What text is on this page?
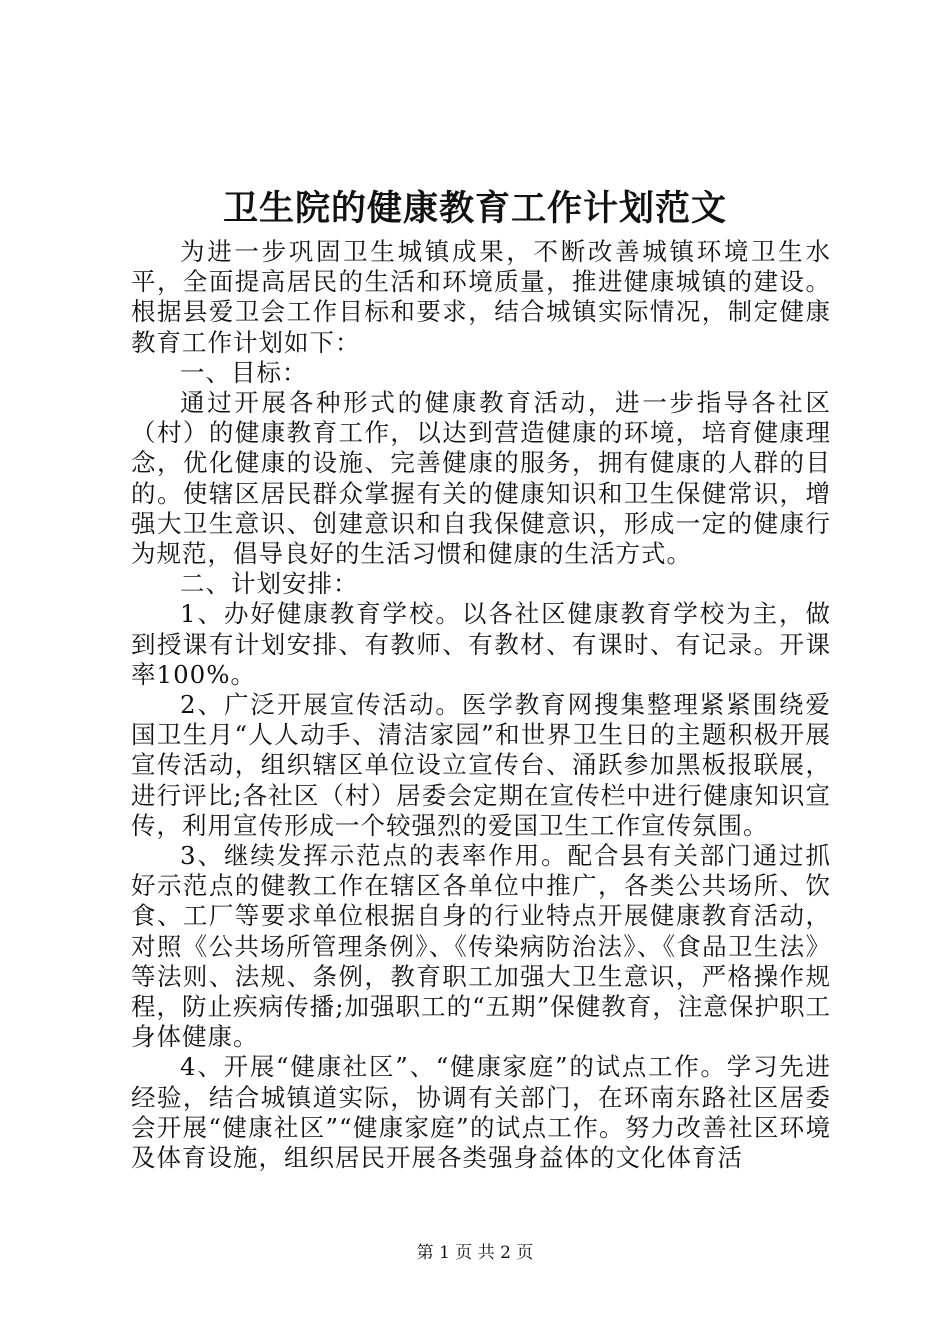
卫生院的健康教育工作计划范文

为进一步巩固卫生城镇成果，不断改善城镇环境卫生水平，全面提高居民的生活和环境质量，推进健康城镇的建设。根据县爱卫会工作目标和要求，结合城镇实际情况，制定健康教育工作计划如下：

一、目标：

通过开展各种形式的健康教育活动，进一步指导各社区（村）的健康教育工作，以达到营造健康的环境，培育健康理念，优化健康的设施、完善健康的服务，拥有健康的人群的目的。使辖区居民群众掌握有关的健康知识和卫生保健常识，增强大卫生意识、创建意识和自我保健意识，形成一定的健康行为规范，倡导良好的生活习惯和健康的生活方式。

二、计划安排：

1、办好健康教育学校。以各社区健康教育学校为主，做到授课有计划安排、有教师、有教材、有课时、有记录。开课率100%。

2、广泛开展宣传活动。医学教育网搜集整理紧紧围绕爱国卫生月“人人动手、清洁家园”和世界卫生日的主题积极开展宣传活动，组织辖区单位设立宣传台、涌跃参加黑板报联展，进行评比;各社区（村）居委会定期在宣传栏中进行健康知识宣传，利用宣传形成一个较强烈的爱国卫生工作宣传氛围。

3、继续发挥示范点的表率作用。配合县有关部门通过抓好示范点的健教工作在辖区各单位中推广，各类公共场所、饮食、工厂等要求单位根据自身的行业特点开展健康教育活动，对照《公共场所管理条例》、《传染病防治法》、《食品卫生法》等法则、法规、条例，教育职工加强大卫生意识，严格操作规程，防止疾病传播;加强职工的“五期”保健教育，注意保护职工身体健康。

4、开展“健康社区”、“健康家庭”的试点工作。学习先进经验，结合城镇道实际，协调有关部门，在环南东路社区居委会开展“健康社区”“健康家庭”的试点工作。努力改善社区环境及体育设施，组织居民开展各类强身益体的文化体育活

第 1 页 共 2 页
